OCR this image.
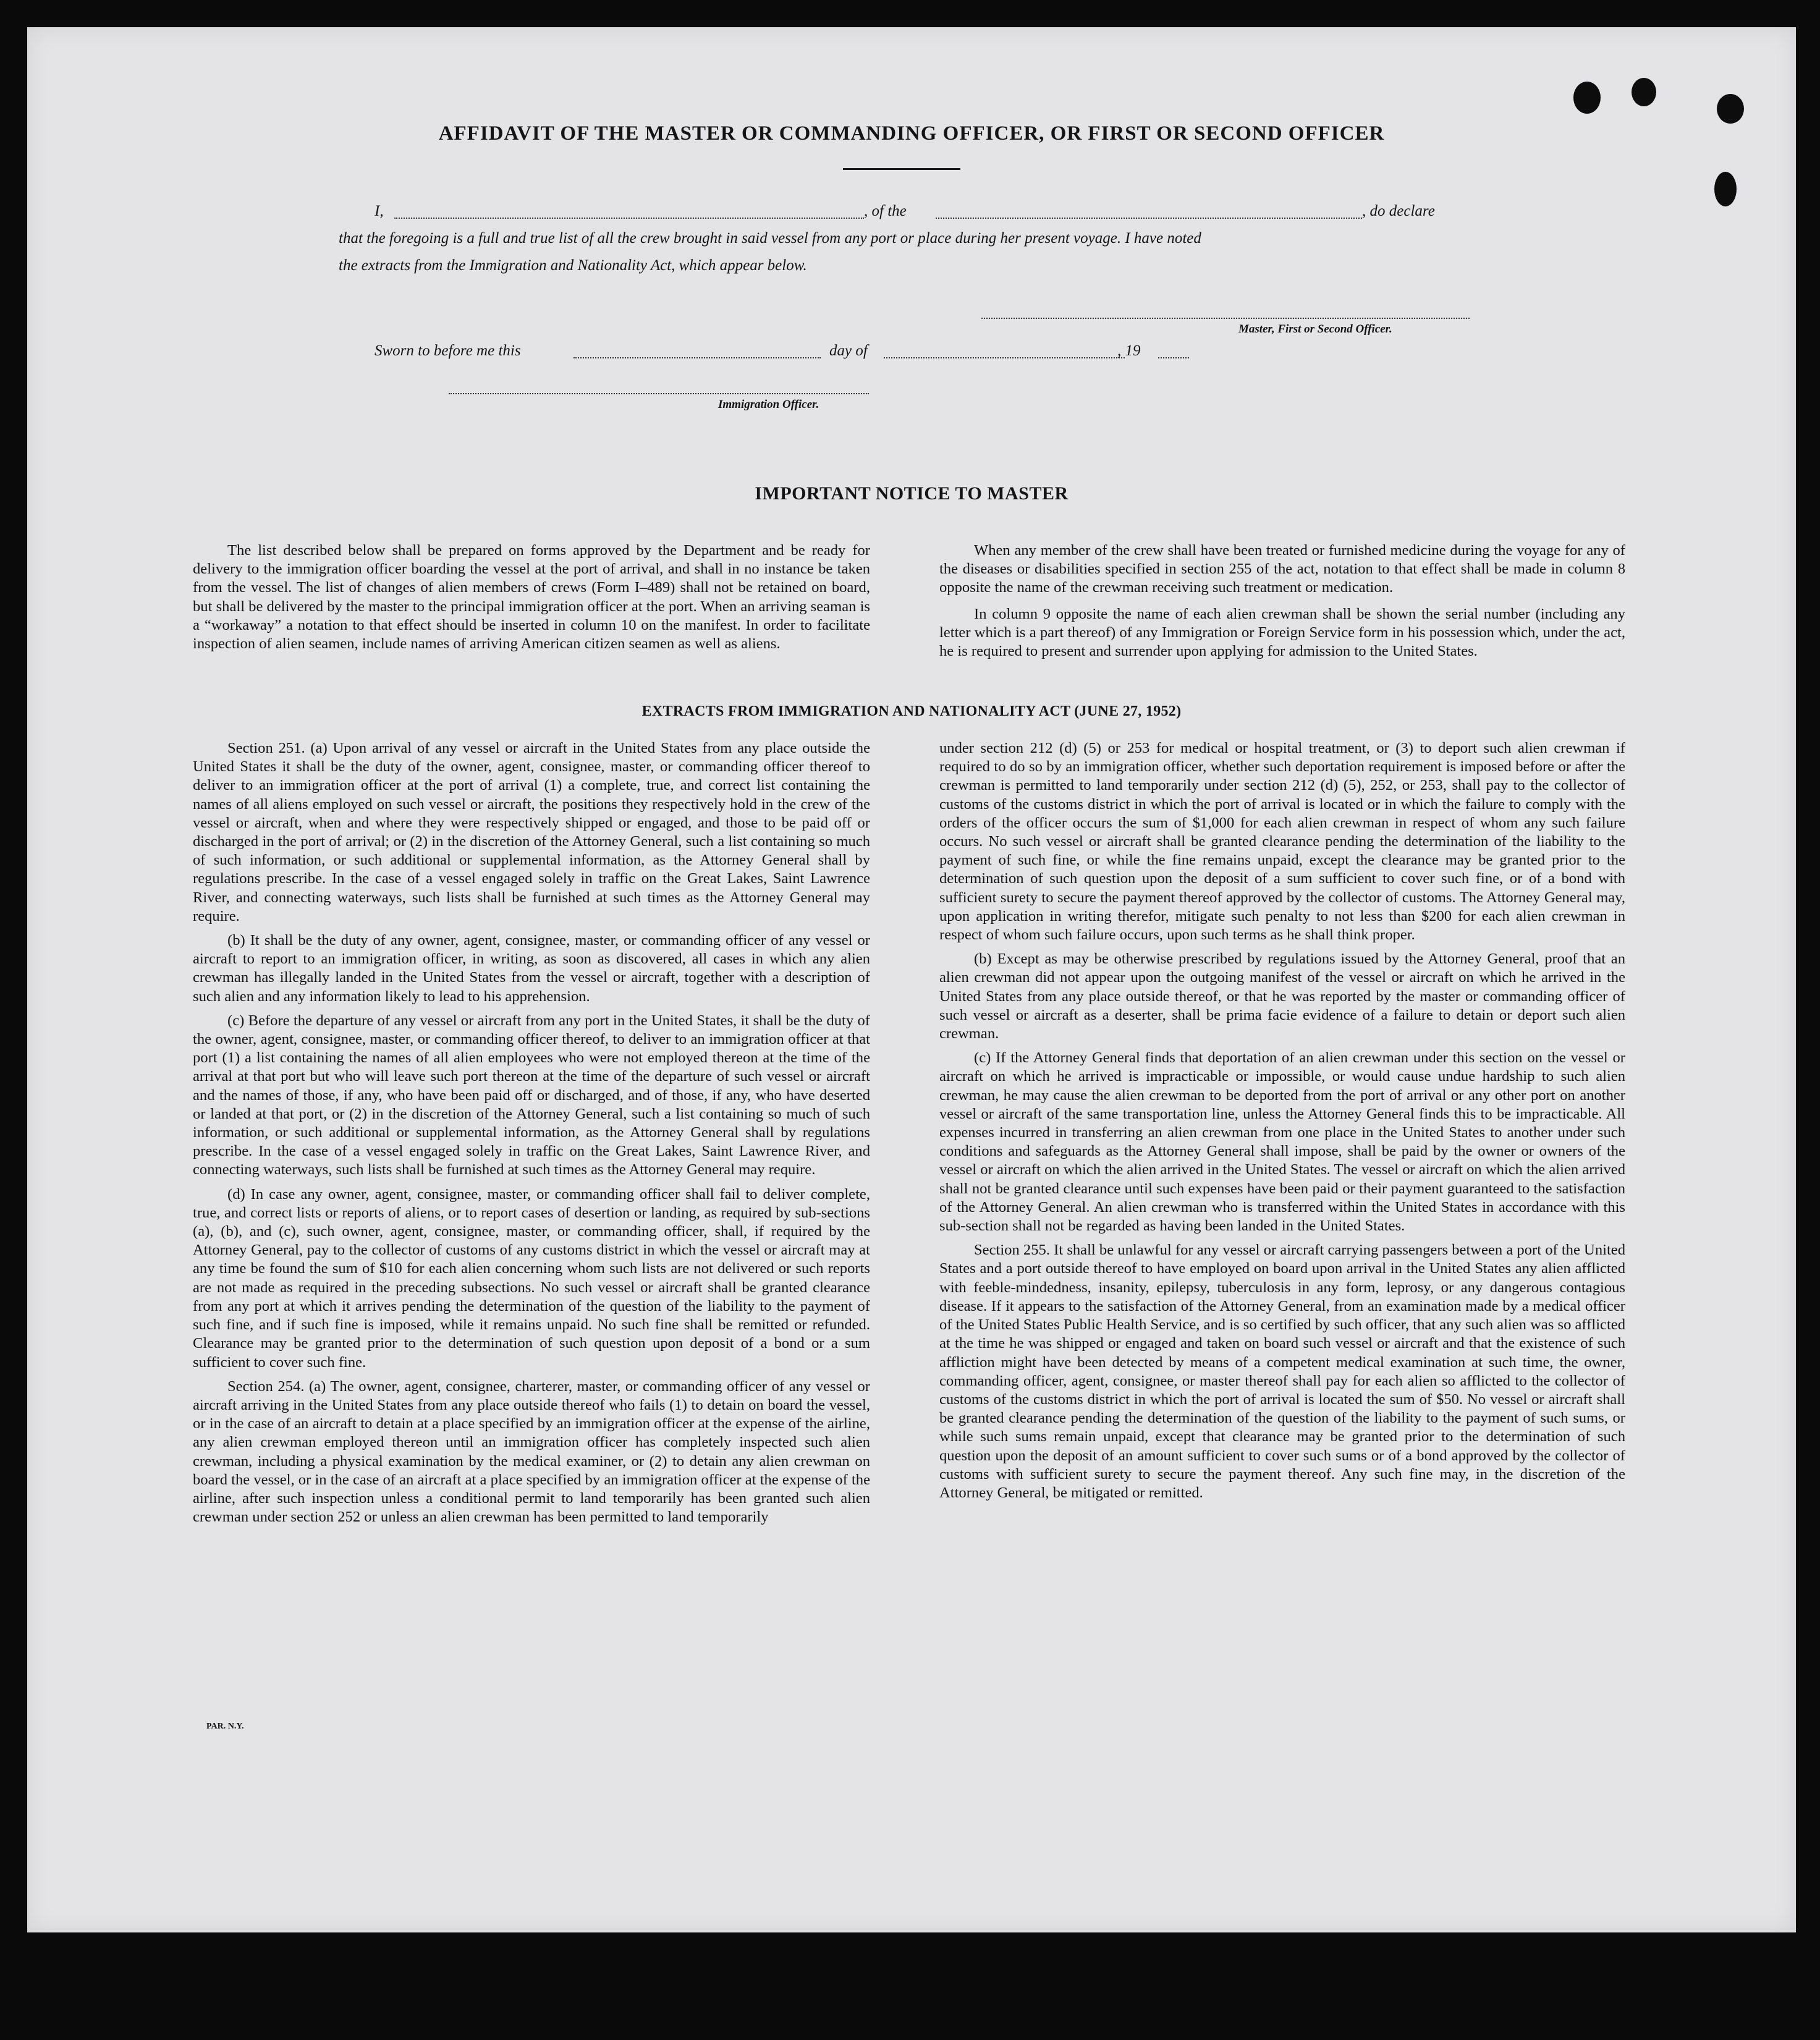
AFFIDAVIT OF THE MASTER OR COMMANDING OFFICER, OR FIRST OR SECOND OFFICER
I,	, of the	, do declare
that the foregoing is a full and true list of all the crew brought in said vessel from any port or place during her present voyage. I have noted
the extracts from the Immigration and Nationality Act, which appear below.
Master, First or Second Officer.
Sworn to before me this	day of	, 19
Immigration Officer.
IMPORTANT NOTICE TO MASTER

The list described below shall be prepared on forms approved by the Department and be ready for delivery to the immigration officer boarding the vessel at the port of arrival, and shall in no instance be taken from the vessel. The list of changes of alien members of crews (Form I–489) shall not be retained on board, but shall be delivered by the master to the principal immigration officer at the port. When an arriving seaman is a “workaway” a notation to that effect should be inserted in column 10 on the manifest. In order to facilitate inspection of alien seamen, include names of arriving American citizen seamen as well as aliens.

When any member of the crew shall have been treated or furnished medicine during the voyage for any of the diseases or disabilities specified in section 255 of the act, notation to that effect shall be made in column 8 opposite the name of the crewman receiving such treatment or medication.

In column 9 opposite the name of each alien crewman shall be shown the serial number (including any letter which is a part thereof) of any Immigration or Foreign Service form in his possession which, under the act, he is required to present and surrender upon applying for admission to the United States.

EXTRACTS FROM IMMIGRATION AND NATIONALITY ACT (JUNE 27, 1952)

Section 251. (a) Upon arrival of any vessel or aircraft in the United States from any place outside the United States it shall be the duty of the owner, agent, consignee, master, or commanding officer thereof to deliver to an immigration officer at the port of arrival (1) a complete, true, and correct list containing the names of all aliens employed on such vessel or aircraft, the positions they respectively hold in the crew of the vessel or aircraft, when and where they were respectively shipped or engaged, and those to be paid off or discharged in the port of arrival; or (2) in the discretion of the Attorney General, such a list containing so much of such information, or such additional or supplemental information, as the Attorney General shall by regulations prescribe. In the case of a vessel engaged solely in traffic on the Great Lakes, Saint Lawrence River, and connecting waterways, such lists shall be furnished at such times as the Attorney General may require.

(b) It shall be the duty of any owner, agent, consignee, master, or commanding officer of any vessel or aircraft to report to an immigration officer, in writing, as soon as discovered, all cases in which any alien crewman has illegally landed in the United States from the vessel or aircraft, together with a description of such alien and any information likely to lead to his apprehension.

(c) Before the departure of any vessel or aircraft from any port in the United States, it shall be the duty of the owner, agent, consignee, master, or commanding officer thereof, to deliver to an immigration officer at that port (1) a list containing the names of all alien employees who were not employed thereon at the time of the arrival at that port but who will leave such port thereon at the time of the departure of such vessel or aircraft and the names of those, if any, who have been paid off or discharged, and of those, if any, who have deserted or landed at that port, or (2) in the discretion of the Attorney General, such a list containing so much of such information, or such additional or supplemental information, as the Attorney General shall by regulations prescribe. In the case of a vessel engaged solely in traffic on the Great Lakes, Saint Lawrence River, and connecting waterways, such lists shall be furnished at such times as the Attorney General may require.

(d) In case any owner, agent, consignee, master, or commanding officer shall fail to deliver complete, true, and correct lists or reports of aliens, or to report cases of desertion or landing, as required by sub-sections (a), (b), and (c), such owner, agent, consignee, master, or commanding officer, shall, if required by the Attorney General, pay to the collector of customs of any customs district in which the vessel or aircraft may at any time be found the sum of $10 for each alien concerning whom such lists are not delivered or such reports are not made as required in the preceding subsections. No such vessel or aircraft shall be granted clearance from any port at which it arrives pending the determination of the question of the liability to the payment of such fine, and if such fine is imposed, while it remains unpaid. No such fine shall be remitted or refunded. Clearance may be granted prior to the determination of such question upon deposit of a bond or a sum sufficient to cover such fine.

Section 254. (a) The owner, agent, consignee, charterer, master, or commanding officer of any vessel or aircraft arriving in the United States from any place outside thereof who fails (1) to detain on board the vessel, or in the case of an aircraft to detain at a place specified by an immigration officer at the expense of the airline, any alien crewman employed thereon until an immigration officer has completely inspected such alien crewman, including a physical examination by the medical examiner, or (2) to detain any alien crewman on board the vessel, or in the case of an aircraft at a place specified by an immigration officer at the expense of the airline, after such inspection unless a conditional permit to land temporarily has been granted such alien crewman under section 252 or unless an alien crewman has been permitted to land temporarily

under section 212 (d) (5) or 253 for medical or hospital treatment, or (3) to deport such alien crewman if required to do so by an immigration officer, whether such deportation requirement is imposed before or after the crewman is permitted to land temporarily under section 212 (d) (5), 252, or 253, shall pay to the collector of customs of the customs district in which the port of arrival is located or in which the failure to comply with the orders of the officer occurs the sum of $1,000 for each alien crewman in respect of whom any such failure occurs. No such vessel or aircraft shall be granted clearance pending the determination of the liability to the payment of such fine, or while the fine remains unpaid, except the clearance may be granted prior to the determination of such question upon the deposit of a sum sufficient to cover such fine, or of a bond with sufficient surety to secure the payment thereof approved by the collector of customs. The Attorney General may, upon application in writing therefor, mitigate such penalty to not less than $200 for each alien crewman in respect of whom such failure occurs, upon such terms as he shall think proper.

(b) Except as may be otherwise prescribed by regulations issued by the Attorney General, proof that an alien crewman did not appear upon the outgoing manifest of the vessel or aircraft on which he arrived in the United States from any place outside thereof, or that he was reported by the master or commanding officer of such vessel or aircraft as a deserter, shall be prima facie evidence of a failure to detain or deport such alien crewman.

(c) If the Attorney General finds that deportation of an alien crewman under this section on the vessel or aircraft on which he arrived is impracticable or impossible, or would cause undue hardship to such alien crewman, he may cause the alien crewman to be deported from the port of arrival or any other port on another vessel or aircraft of the same transportation line, unless the Attorney General finds this to be impracticable. All expenses incurred in transferring an alien crewman from one place in the United States to another under such conditions and safeguards as the Attorney General shall impose, shall be paid by the owner or owners of the vessel or aircraft on which the alien arrived in the United States. The vessel or aircraft on which the alien arrived shall not be granted clearance until such expenses have been paid or their payment guaranteed to the satisfaction of the Attorney General. An alien crewman who is transferred within the United States in accordance with this sub-section shall not be regarded as having been landed in the United States.

Section 255. It shall be unlawful for any vessel or aircraft carrying passengers between a port of the United States and a port outside thereof to have employed on board upon arrival in the United States any alien afflicted with feeble-mindedness, insanity, epilepsy, tuberculosis in any form, leprosy, or any dangerous contagious disease. If it appears to the satisfaction of the Attorney General, from an examination made by a medical officer of the United States Public Health Service, and is so certified by such officer, that any such alien was so afflicted at the time he was shipped or engaged and taken on board such vessel or aircraft and that the existence of such affliction might have been detected by means of a competent medical examination at such time, the owner, commanding officer, agent, consignee, or master thereof shall pay for each alien so afflicted to the collector of customs of the customs district in which the port of arrival is located the sum of $50. No vessel or aircraft shall be granted clearance pending the determination of the question of the liability to the payment of such sums, or while such sums remain unpaid, except that clearance may be granted prior to the determination of such question upon the deposit of an amount sufficient to cover such sums or of a bond approved by the collector of customs with sufficient surety to secure the payment thereof. Any such fine may, in the discretion of the Attorney General, be mitigated or remitted.

PAR. N.Y.
